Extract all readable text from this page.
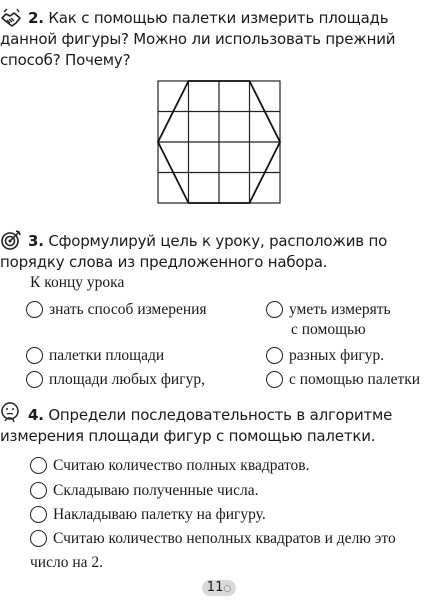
2. Как с помощью палетки измерить площадь данной фигуры? Можно ли использовать прежний способ? Почему?

3. Сформулируй цель к уроку, расположив по порядку слова из предложенного набора.

К концу урока
знать способ измерения	уметь измерять
с помощью
палетки площади	разных фигур.
площади любых фигур,	с помощью палетки

4. Определи последовательность в алгоритме измерения площади фигур с помощью палетки.

Считаю количество полных квадратов.
Складываю полученные числа.
Накладываю палетку на фигуру.
Считаю количество неполных квадратов и делю это
число на 2.
11○
